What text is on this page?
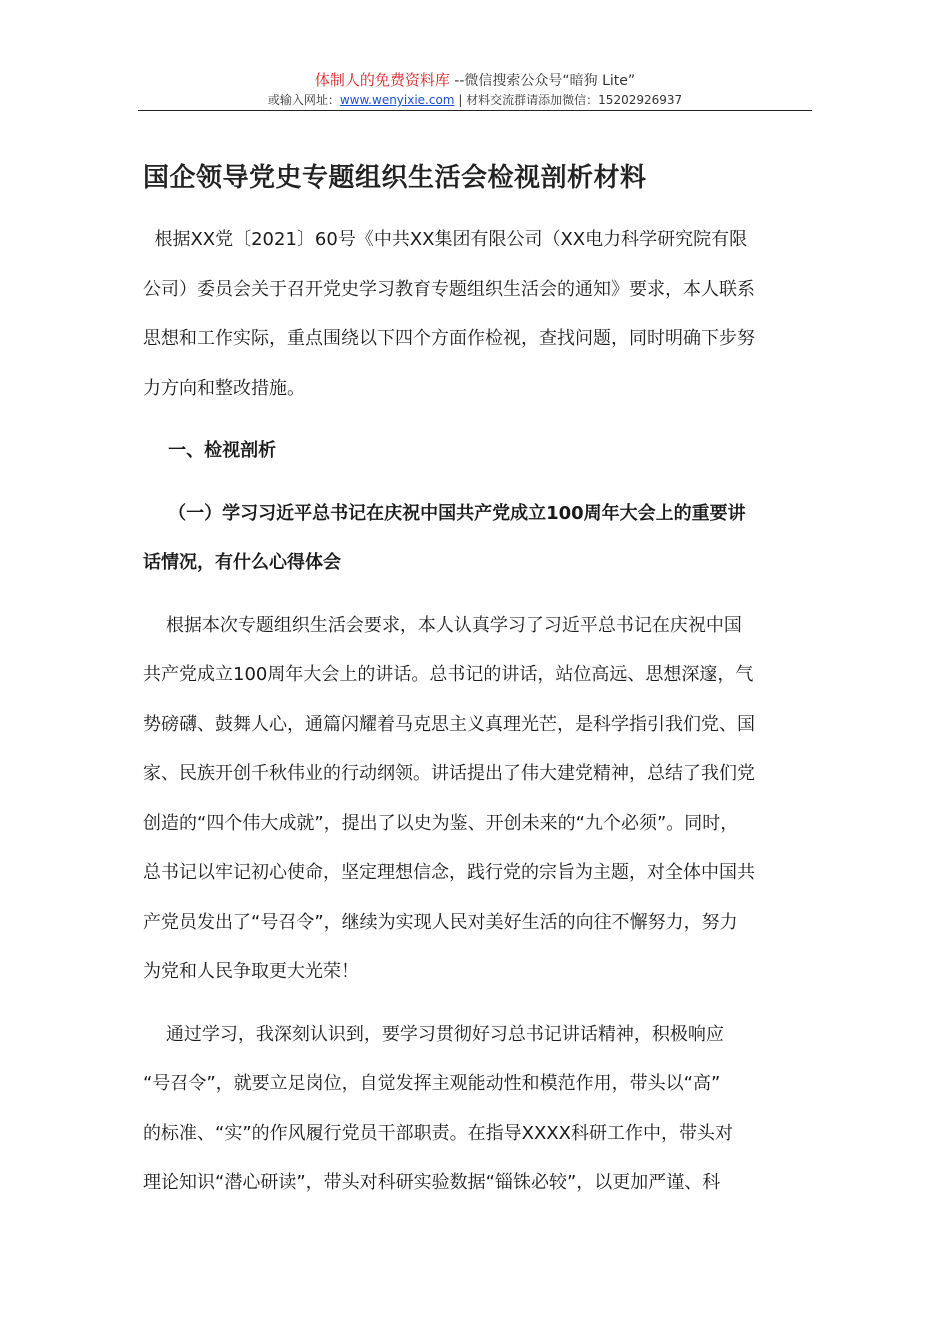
体制人的免费资料库 --微信搜索公众号“暗狗 Lite”
或输入网址：www.wenyixie.com | 材料交流群请添加微信：15202926937
国企领导党史专题组织生活会检视剖析材料

根据XX党〔2021〕60号《中共XX集团有限公司（XX电力科学研究院有限
公司）委员会关于召开党史学习教育专题组织生活会的通知》要求，本人联系
思想和工作实际，重点围绕以下四个方面作检视，查找问题，同时明确下步努
力方向和整改措施。

一、检视剖析

（一）学习习近平总书记在庆祝中国共产党成立100周年大会上的重要讲
话情况，有什么心得体会

根据本次专题组织生活会要求，本人认真学习了习近平总书记在庆祝中国
共产党成立100周年大会上的讲话。总书记的讲话，站位高远、思想深邃，气
势磅礴、鼓舞人心，通篇闪耀着马克思主义真理光芒，是科学指引我们党、国
家、民族开创千秋伟业的行动纲领。讲话提出了伟大建党精神，总结了我们党
创造的“四个伟大成就”，提出了以史为鉴、开创未来的“九个必须”。同时，
总书记以牢记初心使命，坚定理想信念，践行党的宗旨为主题，对全体中国共
产党员发出了“号召令”，继续为实现人民对美好生活的向往不懈努力，努力
为党和人民争取更大光荣！

通过学习，我深刻认识到，要学习贯彻好习总书记讲话精神，积极响应
“号召令”，就要立足岗位，自觉发挥主观能动性和模范作用，带头以“高”
的标准、“实”的作风履行党员干部职责。在指导XXXX科研工作中，带头对
理论知识“潜心研读”，带头对科研实验数据“锱铢必较”，以更加严谨、科
